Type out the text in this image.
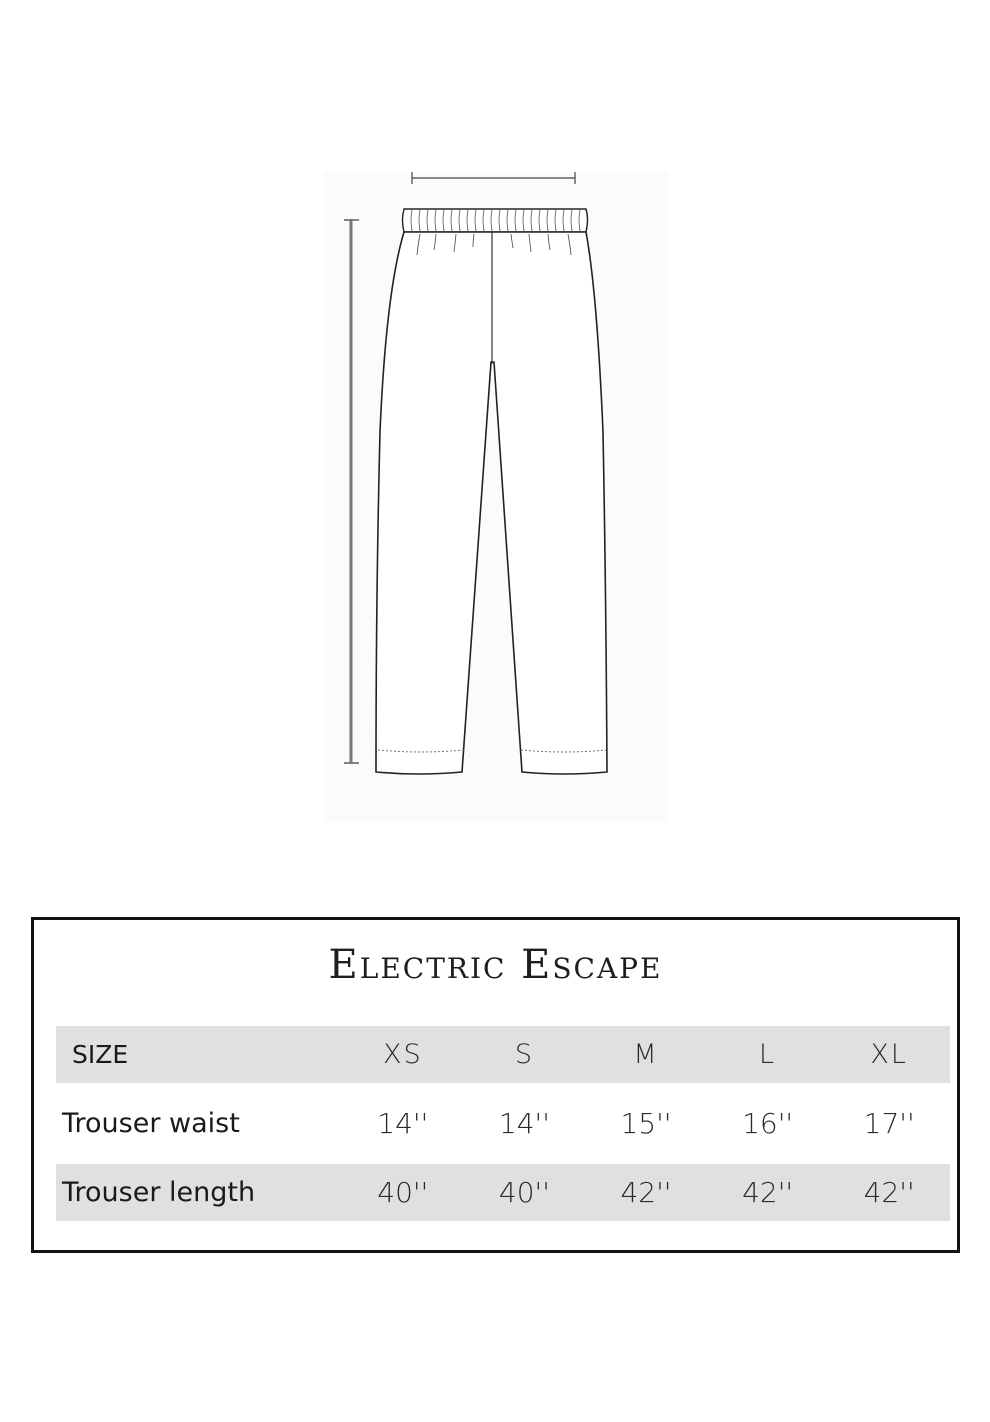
Electric Escape
SIZE	XS	S	M	L	XL

Trouser waist	14''	14''	15''	16''	17''

Trouser length	40''	40''	42''	42''	42''
